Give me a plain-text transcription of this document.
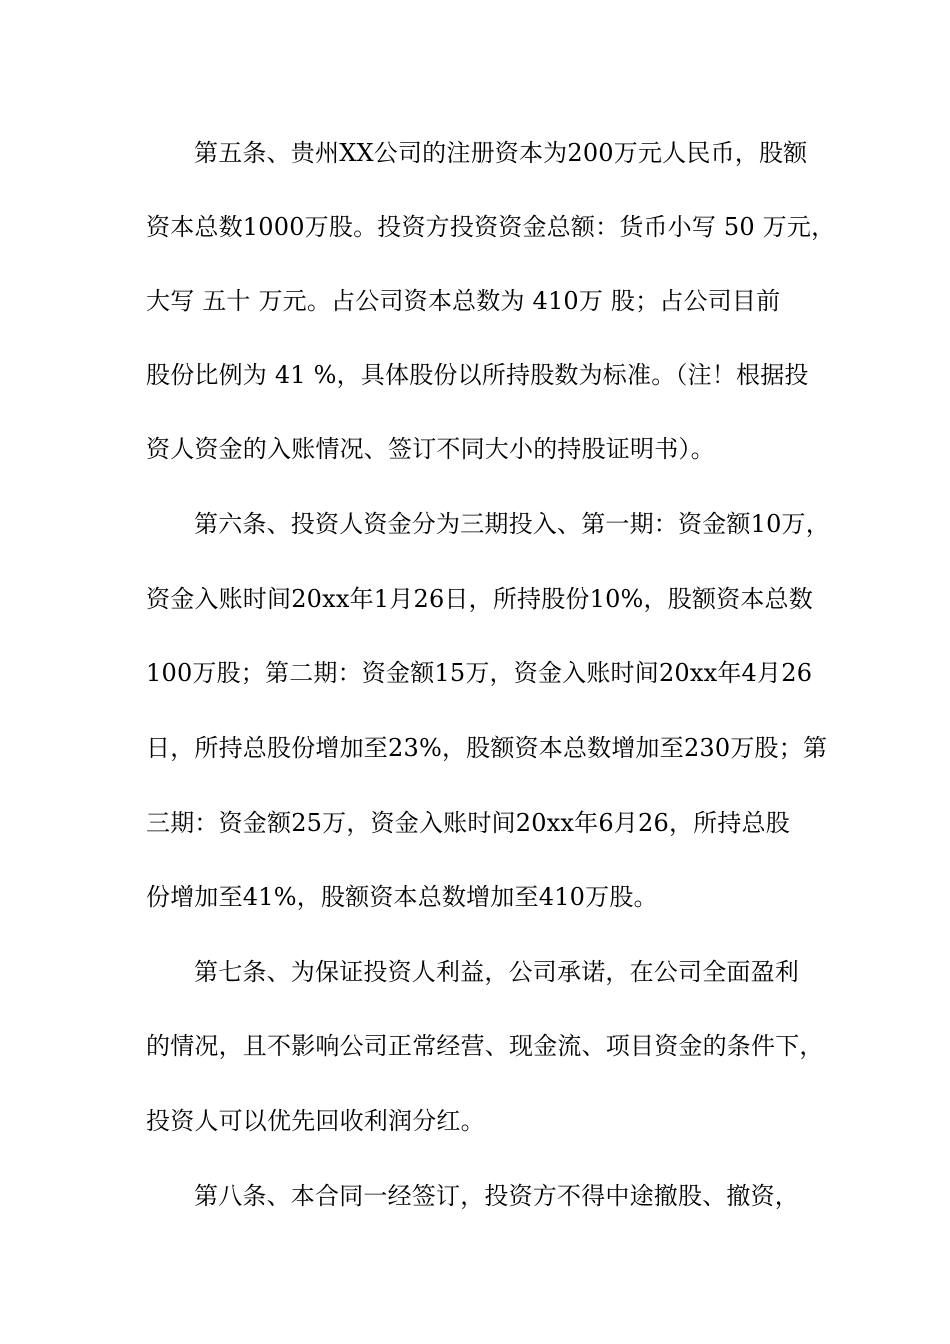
第五条、贵州XX公司的注册资本为200万元人民币，股额
资本总数1000万股。投资方投资资金总额：货币小写 50 万元，
大写 五十 万元。占公司资本总数为 410万 股；占公司目前
股份比例为 41 %，具体股份以所持股数为标准。（注！根据投
资人资金的入账情况、签订不同大小的持股证明书）。
第六条、投资人资金分为三期投入、第一期：资金额10万，
资金入账时间20xx年1月26日，所持股份10%，股额资本总数
100万股；第二期：资金额15万，资金入账时间20xx年4月26
日，所持总股份增加至23%，股额资本总数增加至230万股；第
三期：资金额25万，资金入账时间20xx年6月26，所持总股
份增加至41%，股额资本总数增加至410万股。
第七条、为保证投资人利益，公司承诺，在公司全面盈利
的情况，且不影响公司正常经营、现金流、项目资金的条件下，
投资人可以优先回收利润分红。
第八条、本合同一经签订，投资方不得中途撤股、撤资，
